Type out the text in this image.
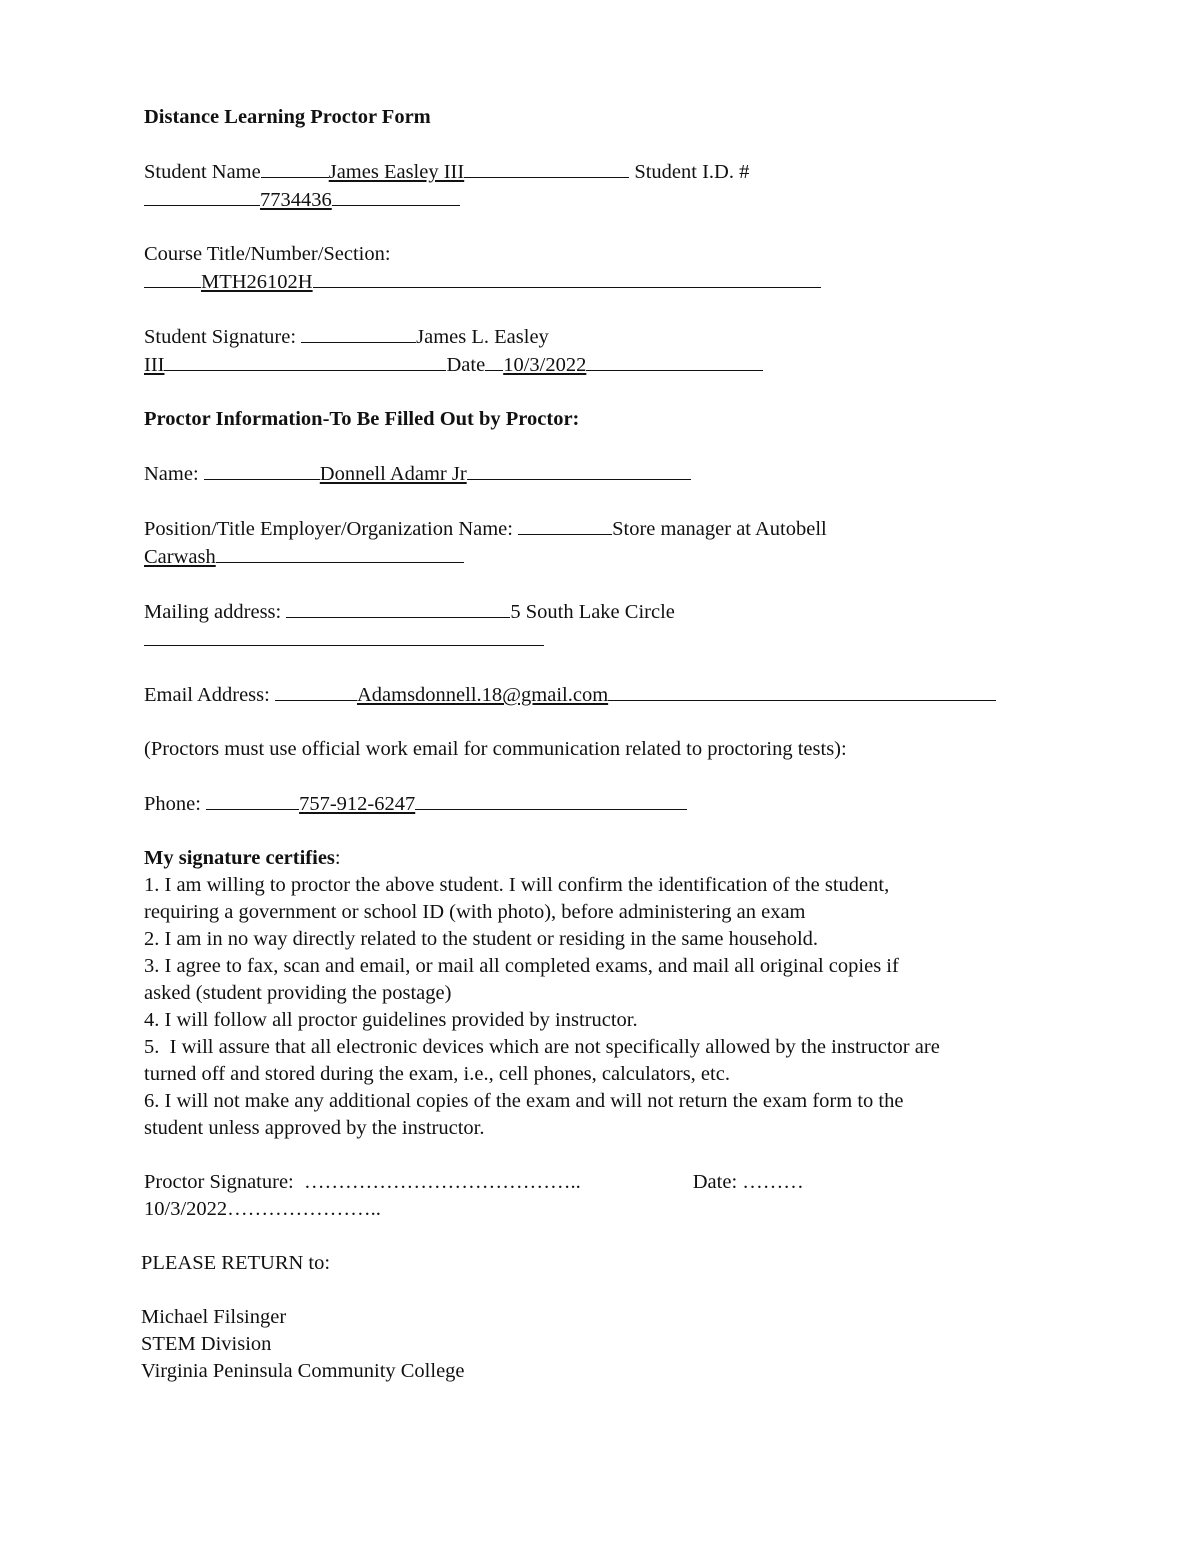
Distance Learning Proctor Form
Student Name	James Easley III	Student I.D. #
7734436
Course Title/Number/Section:
MTH26102H
Student Signature:	James L. Easley
III	Date 10/3/2022
Proctor Information-To Be Filled Out by Proctor:
Name:	Donnell Adamr Jr
Position/Title Employer/Organization Name:	Store manager at Autobell
Carwash
Mailing address:	5 South Lake Circle
Email Address:	Adamsdonnell.18@gmail.com
(Proctors must use official work email for communication related to proctoring tests):
Phone:	757-912-6247
My signature certifies:
1. I am willing to proctor the above student. I will confirm the identification of the student,
requiring a government or school ID (with photo), before administering an exam
2. I am in no way directly related to the student or residing in the same household.
3. I agree to fax, scan and email, or mail all completed exams, and mail all original copies if
asked (student providing the postage)
4. I will follow all proctor guidelines provided by instructor.
5.  I will assure that all electronic devices which are not specifically allowed by the instructor are
turned off and stored during the exam, i.e., cell phones, calculators, etc.
6. I will not make any additional copies of the exam and will not return the exam form to the
student unless approved by the instructor.
Proctor Signature: …………………………………..	Date: ………
10/3/2022…………………..
PLEASE RETURN to:
Michael Filsinger
STEM Division
Virginia Peninsula Community College
